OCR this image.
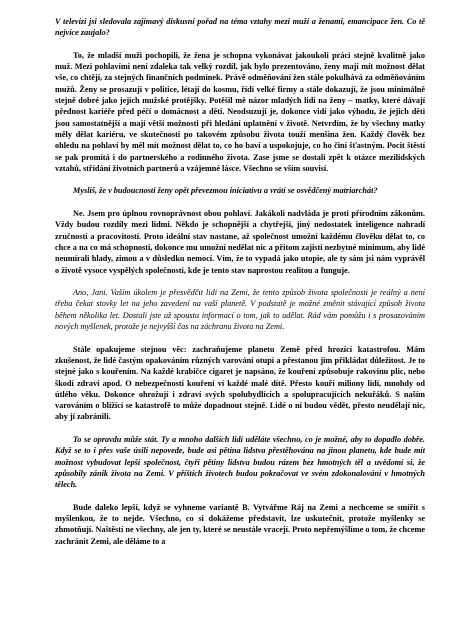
V televizi jsi sledovala zajímavý diskusní pořad na téma vztahy mezi muži a ženami, emancipace žen. Co tě nejvíce zaujalo?

To, že mladší muži pochopili, že žena je schopna vykonávat jakoukoli práci stejně kvalitně jako muž. Mezi pohlavími není zdaleka tak velký rozdíl, jak bylo prezentováno, ženy mají mít možnost dělat vše, co chtějí, za stejných finančních podmínek. Právě odměňování žen stále pokulhává za odměňováním mužů. Ženy se prosazují v politice, létají do kosmu, řídí velké firmy a stále dokazují, že jsou minimálně stejně dobré jako jejich mužské protějšky. Potěšil mě názor mladých lidí na ženy – matky, které dávají přednost kariéře před péčí o domácnost a děti. Neodsuzují je, dokonce vidí jako výhodu, že jejich děti jsou samostatnější a mají větší možnosti při hledání uplatnění v životě. Netvrdím, že by všechny matky měly dělat kariéru, ve skutečnosti po takovém způsobu života touží menšina žen. Každý člověk bez ohledu na pohlaví by měl mít možnost dělat to, co ho baví a uspokojuje, co ho činí šťastným. Pocit štěstí se pak promítá i do partnerského a rodinného života. Zase jsme se dostali zpět k otázce mezilidských vztahů, střídání životních partnerů a vzájemné lásce. Všechno se vším souvisí.

Myslíš, že v budoucnosti ženy opět převezmou iniciativu a vrátí se osvědčený matriarchát?

Ne. Jsem pro úplnou rovnoprávnost obou pohlaví. Jakákoli nadvláda je proti přírodním zákonům. Vždy budou rozdíly mezi lidmi. Někdo je schopnější a chytřejší, jiný nedostatek inteligence nahradí zručností a pracovitostí. Proto ideální stav nastane, až společnost umožní každému člověku dělat to, co chce a na co má schopnosti, dokonce mu umožní nedělat nic a přitom zajistí nezbytné minimum, aby lidé neumírali hlady, zimou a v důsledku nemocí. Vím, že to vypadá jako utopie, ale ty sám jsi nám vyprávěl o životě vysoce vyspělých společností, kde je tento stav naprostou realitou a funguje.

Ano, Jani. Vaším úkolem je přesvědčit lidi na Zemi, že tento způsob života společnosti je reálný a není třeba čekat stovky let na jeho zavedení na vaší planetě. V podstatě je možné změnit stávající způsob života během několika let. Dostali jste už spoustu informací o tom, jak to udělat. Rád vám pomůžu i s prosazováním nových myšlenek, protože je nejvyšší čas na záchranu života na Zemi.

Stále opakujeme stejnou věc: zachraňujeme planetu Země před hrozící katastrofou. Mám zkušenost, že lidé častým opakováním různých varování otupí a přestanou jim přikládat důležitost. Je to stejné jako s kouřením. Na každé krabičce cigaret je napsáno, že kouření způsobuje rakovinu plic, nebo škodí zdraví apod. O nebezpečnosti kouření ví každé malé dítě. Přesto kouří miliony lidí, mnohdy od útlého věku. Dokonce ohrožují i zdraví svých spolubydlících a spolupracujících nekuřáků. S naším varováním o blížící se katastrofě to může dopadnout stejně. Lidé o ní budou vědět, přesto neudělají nic, aby jí zabránili.

To se opravdu může stát. Ty a mnoho dalších lidí uděláte všechno, co je možné, aby to dopadlo dobře. Když se to i přes vaše úsilí nepovede, bude asi pětina lidstva přestěhována na jinou planetu, kde bude mít možnost vybudovat lepší společnost, čtyři pětiny lidstva budou rázem bez hmotných těl a uvědomí si, že způsobily zánik života na Zemi. V příštích životech budou pokračovat ve svém zdokonalování v hmotných tělech.

Bude daleko lepší, když se vyhneme variantě B. Vytvářme Ráj na Zemi a nechceme se smířit s myšlenkou, že to nejde. Všechno, co si dokážeme představit, lze uskutečnit, protože myšlenky se zhmotňují. Naštěstí ne všechny, ale jen ty, které se neustále vracejí. Proto nepřemýšlíme o tom, že chceme zachránit Zemi, ale děláme to a
